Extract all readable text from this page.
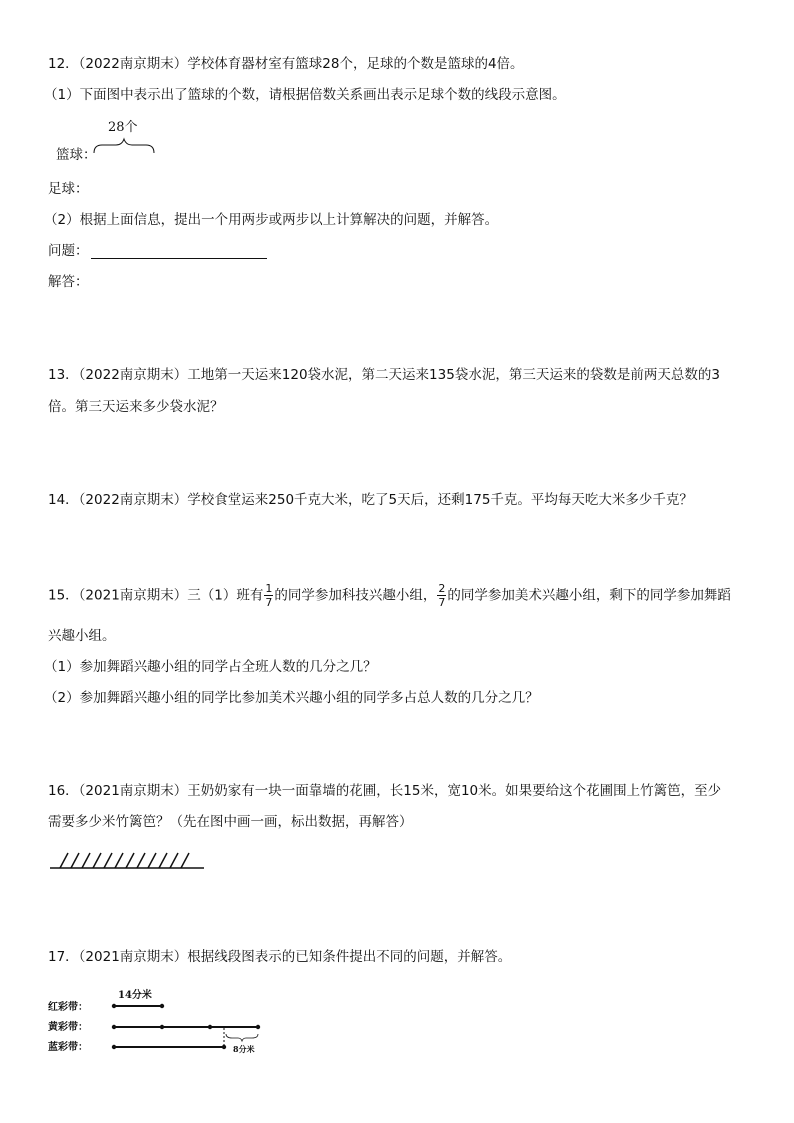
12．（2022南京期末）学校体育器材室有篮球28个，足球的个数是篮球的4倍。
（1）下面图中表示出了篮球的个数，请根据倍数关系画出表示足球个数的线段示意图。
28个
篮球：
足球：
（2）根据上面信息，提出一个用两步或两步以上计算解决的问题，并解答。
问题：
解答：
13．（2022南京期末）工地第一天运来120袋水泥，第二天运来135袋水泥，第三天运来的袋数是前两天总数的3
倍。第三天运来多少袋水泥？
14．（2022南京期末）学校食堂运来250千克大米，吃了5天后，还剩175千克。平均每天吃大米多少千克？
15．（2021南京期末）三（1）班有 $\frac{1}{7}$ 的同学参加科技兴趣小组， $\frac{2}{7}$ 的同学参加美术兴趣小组，剩下的同学参加舞蹈
兴趣小组。
（1）参加舞蹈兴趣小组的同学占全班人数的几分之几？
（2）参加舞蹈兴趣小组的同学比参加美术兴趣小组的同学多占总人数的几分之几？
16．（2021南京期末）王奶奶家有一块一面靠墙的花圃，长15米，宽10米。如果要给这个花圃围上竹篱笆，至少
需要多少米竹篱笆？（先在图中画一画，标出数据，再解答）
17．（2021南京期末）根据线段图表示的已知条件提出不同的问题，并解答。
14分米
红彩带：
黄彩带：
蓝彩带：	8分米
